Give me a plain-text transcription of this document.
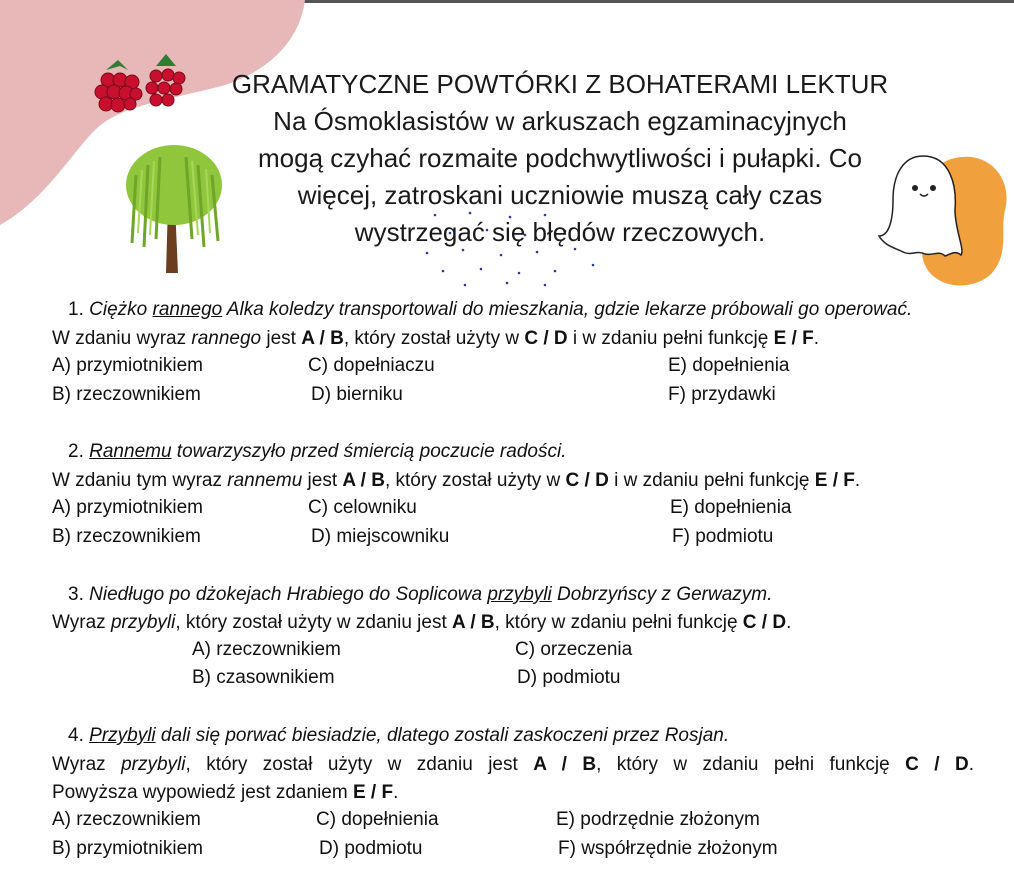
GRAMATYCZNE POWTÓRKI Z BOHATERAMI LEKTUR
Na Ósmoklasistów w arkuszach egzaminacyjnych
mogą czyhać rozmaite podchwytliwości i pułapki. Co
więcej, zatroskani uczniowie muszą cały czas
wystrzegać się błędów rzeczowych.
1. Ciężko rannego Alka koledzy transportowali do mieszkania, gdzie lekarze próbowali go operować.
W zdaniu wyraz rannego jest A / B, który został użyty w C / D i w zdaniu pełni funkcję E / F.
A) przymiotnikiem
B) rzeczownikiem
C) dopełniaczu
D) bierniku
E) dopełnienia
F) przydawki
2. Rannemu towarzyszyło przed śmiercią poczucie radości.
W zdaniu tym wyraz rannemu jest A / B, który został użyty w C / D i w zdaniu pełni funkcję E / F.
A) przymiotnikiem
B) rzeczownikiem
C) celowniku
D) miejscowniku
E) dopełnienia
F) podmiotu
3. Niedługo po dżokejach Hrabiego do Soplicowa przybyli Dobrzyńscy z Gerwazym.
Wyraz przybyli, który został użyty w zdaniu jest A / B, który w zdaniu pełni funkcję C / D.
A) rzeczownikiem
B) czasownikiem
C) orzeczenia
D) podmiotu
4. Przybyli dali się porwać biesiadzie, dlatego zostali zaskoczeni przez Rosjan.
Wyraz przybyli, który został użyty w zdaniu jest A / B, który w zdaniu pełni funkcję C / D.
Powyższa wypowiedź jest zdaniem E / F.
A) rzeczownikiem
B) przymiotnikiem
C) dopełnienia
D) podmiotu
E) podrzędnie złożonym
F) współrzędnie złożonym
